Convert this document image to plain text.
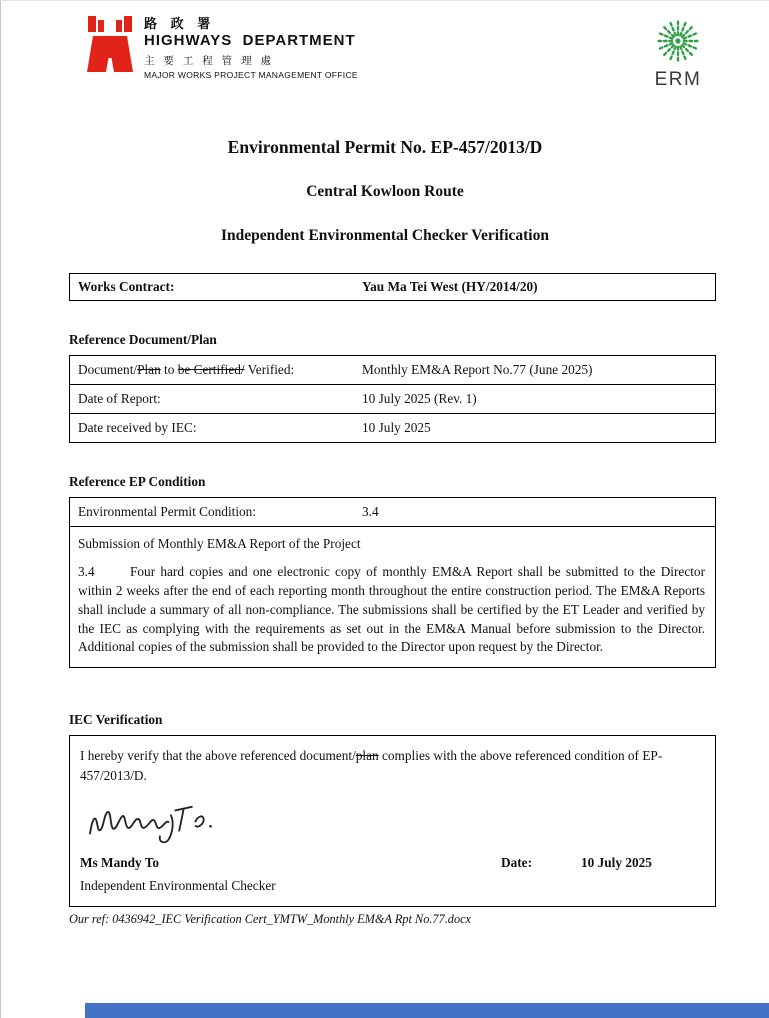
路 政 署
HIGHWAYS  DEPARTMENT
主 要 工 程 管 理 處
MAJOR WORKS PROJECT MANAGEMENT OFFICE	ERM
Environmental Permit No. EP-457/2013/D
Central Kowloon Route
Independent Environmental Checker Verification
Works Contract:	Yau Ma Tei West (HY/2014/20)
Reference Document/Plan
Document/Plan to be Certified/ Verified:	Monthly EM&A Report No.77 (June 2025)
Date of Report:	10 July 2025 (Rev. 1)
Date received by IEC:	10 July 2025
Reference EP Condition
Environmental Permit Condition:	3.4
Submission of Monthly EM&A Report of the Project
3.4	Four hard copies and one electronic copy of monthly EM&A Report shall be submitted to the Director within 2 weeks after the end of each reporting month throughout the entire construction period. The EM&A Reports shall include a summary of all non-compliance. The submissions shall be certified by the ET Leader and verified by the IEC as complying with the requirements as set out in the EM&A Manual before submission to the Director. Additional copies of the submission shall be provided to the Director upon request by the Director.
IEC Verification
I hereby verify that the above referenced document/plan complies with the above referenced condition of EP-457/2013/D.
Ms Mandy To	Date:	10 July 2025
Independent Environmental Checker
Our ref: 0436942_IEC Verification Cert_YMTW_Monthly EM&A Rpt No.77.docx
